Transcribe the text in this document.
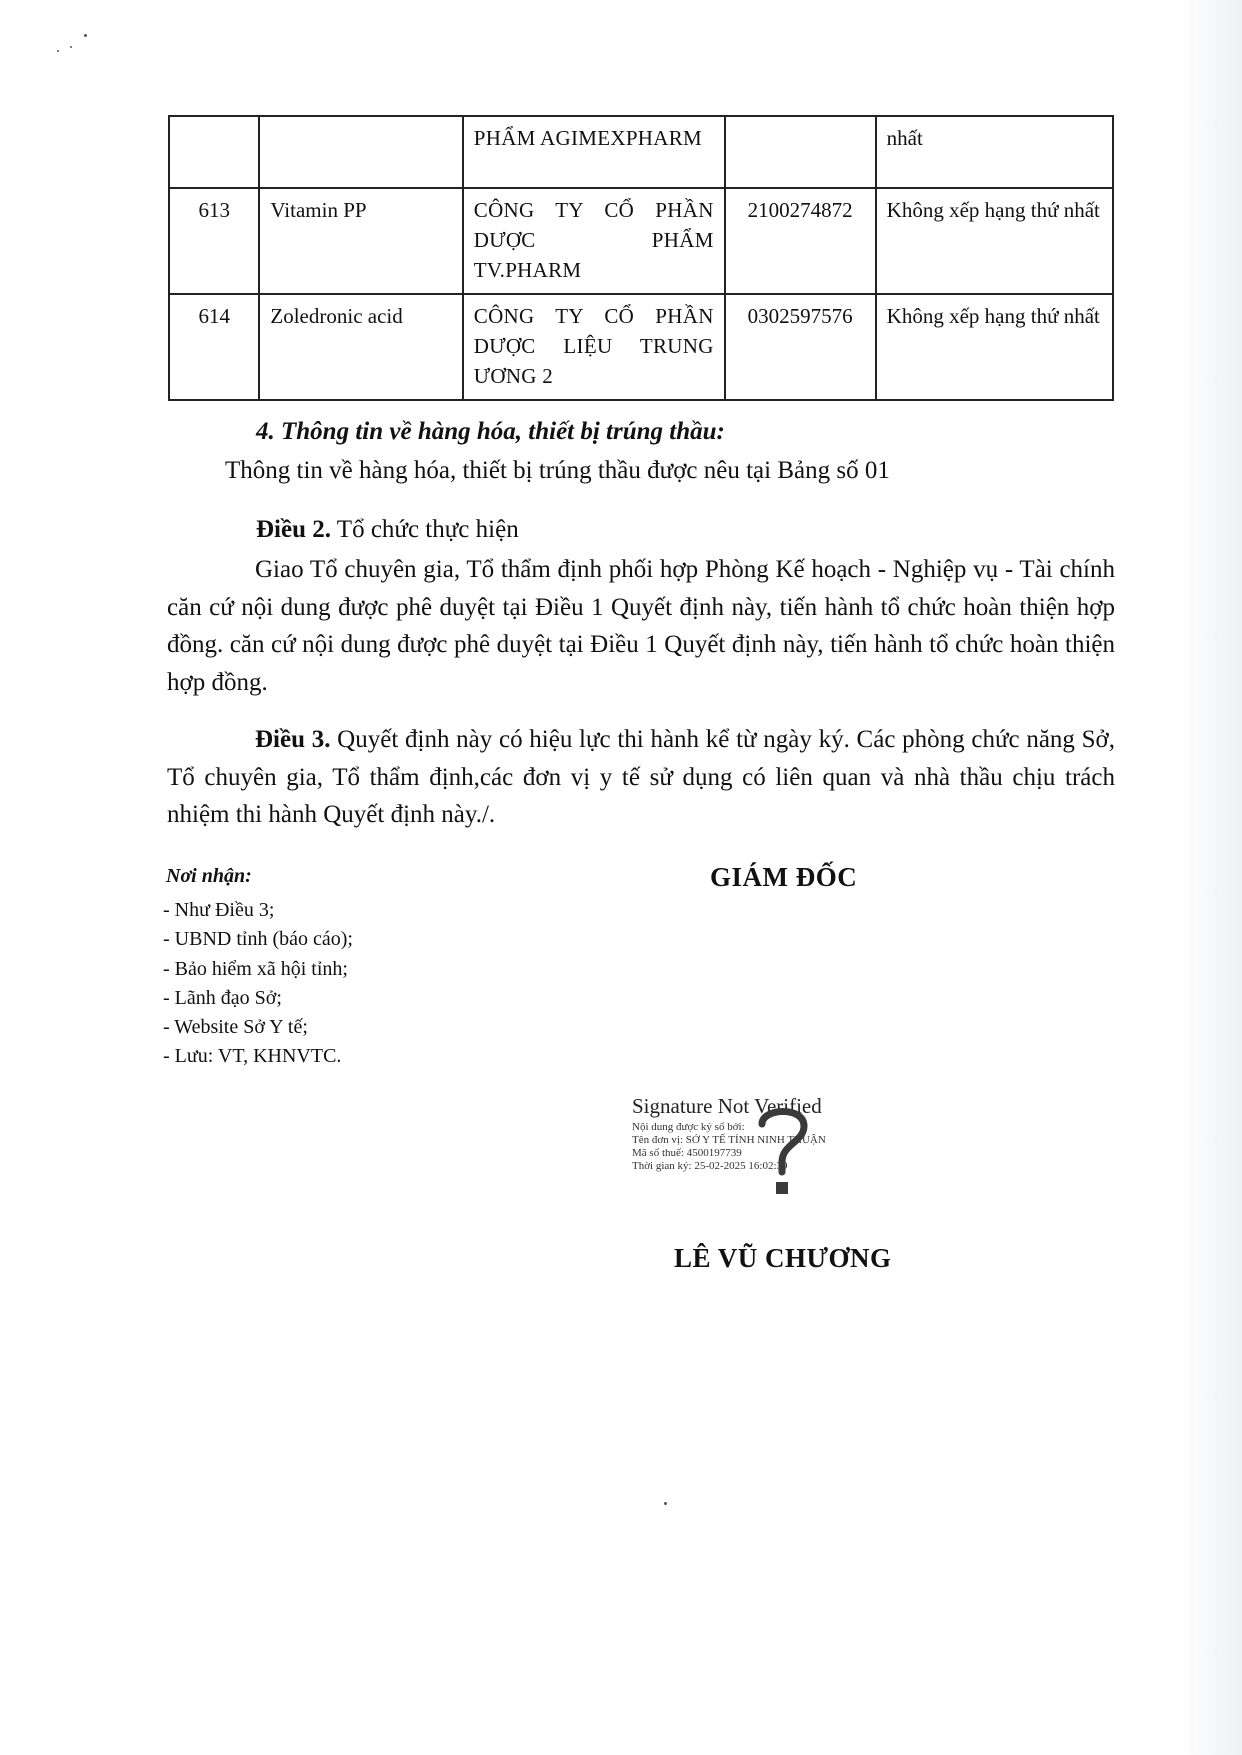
		PHẨM AGIMEXPHARM		nhất
613	Vitamin PP	CÔNG TY CỔ PHẦN DƯỢC PHẨM TV.PHARM	2100274872	Không xếp hạng thứ nhất
614	Zoledronic acid	CÔNG TY CỔ PHẦN DƯỢC LIỆU TRUNG ƯƠNG 2	0302597576	Không xếp hạng thứ nhất
4. Thông tin về hàng hóa, thiết bị trúng thầu:
Thông tin về hàng hóa, thiết bị trúng thầu được nêu tại Bảng số 01
Điều 2. Tổ chức thực hiện
Giao Tổ chuyên gia, Tổ thẩm định phối hợp Phòng Kế hoạch - Nghiệp vụ - Tài chính căn cứ nội dung được phê duyệt tại Điều 1 Quyết định này, tiến hành tổ chức hoàn thiện hợp đồng. căn cứ nội dung được phê duyệt tại Điều 1 Quyết định này, tiến hành tổ chức hoàn thiện hợp đồng.
Điều 3. Quyết định này có hiệu lực thi hành kể từ ngày ký. Các phòng chức năng Sở, Tổ chuyên gia, Tổ thẩm định,các đơn vị y tế sử dụng có liên quan và nhà thầu chịu trách nhiệm thi hành Quyết định này./.
Nơi nhận:
- Như Điều 3;
- UBND tỉnh (báo cáo);
- Bảo hiểm xã hội tỉnh;
- Lãnh đạo Sở;
- Website Sở Y tế;
- Lưu: VT, KHNVTC.
GIÁM ĐỐC
Signature Not Verified
Nội dung được ký số bởi:
Tên đơn vị: SỞ Y TẾ TỈNH NINH THUẬN
Mã số thuế: 4500197739
Thời gian ký: 25-02-2025 16:02:39
LÊ VŨ CHƯƠNG
